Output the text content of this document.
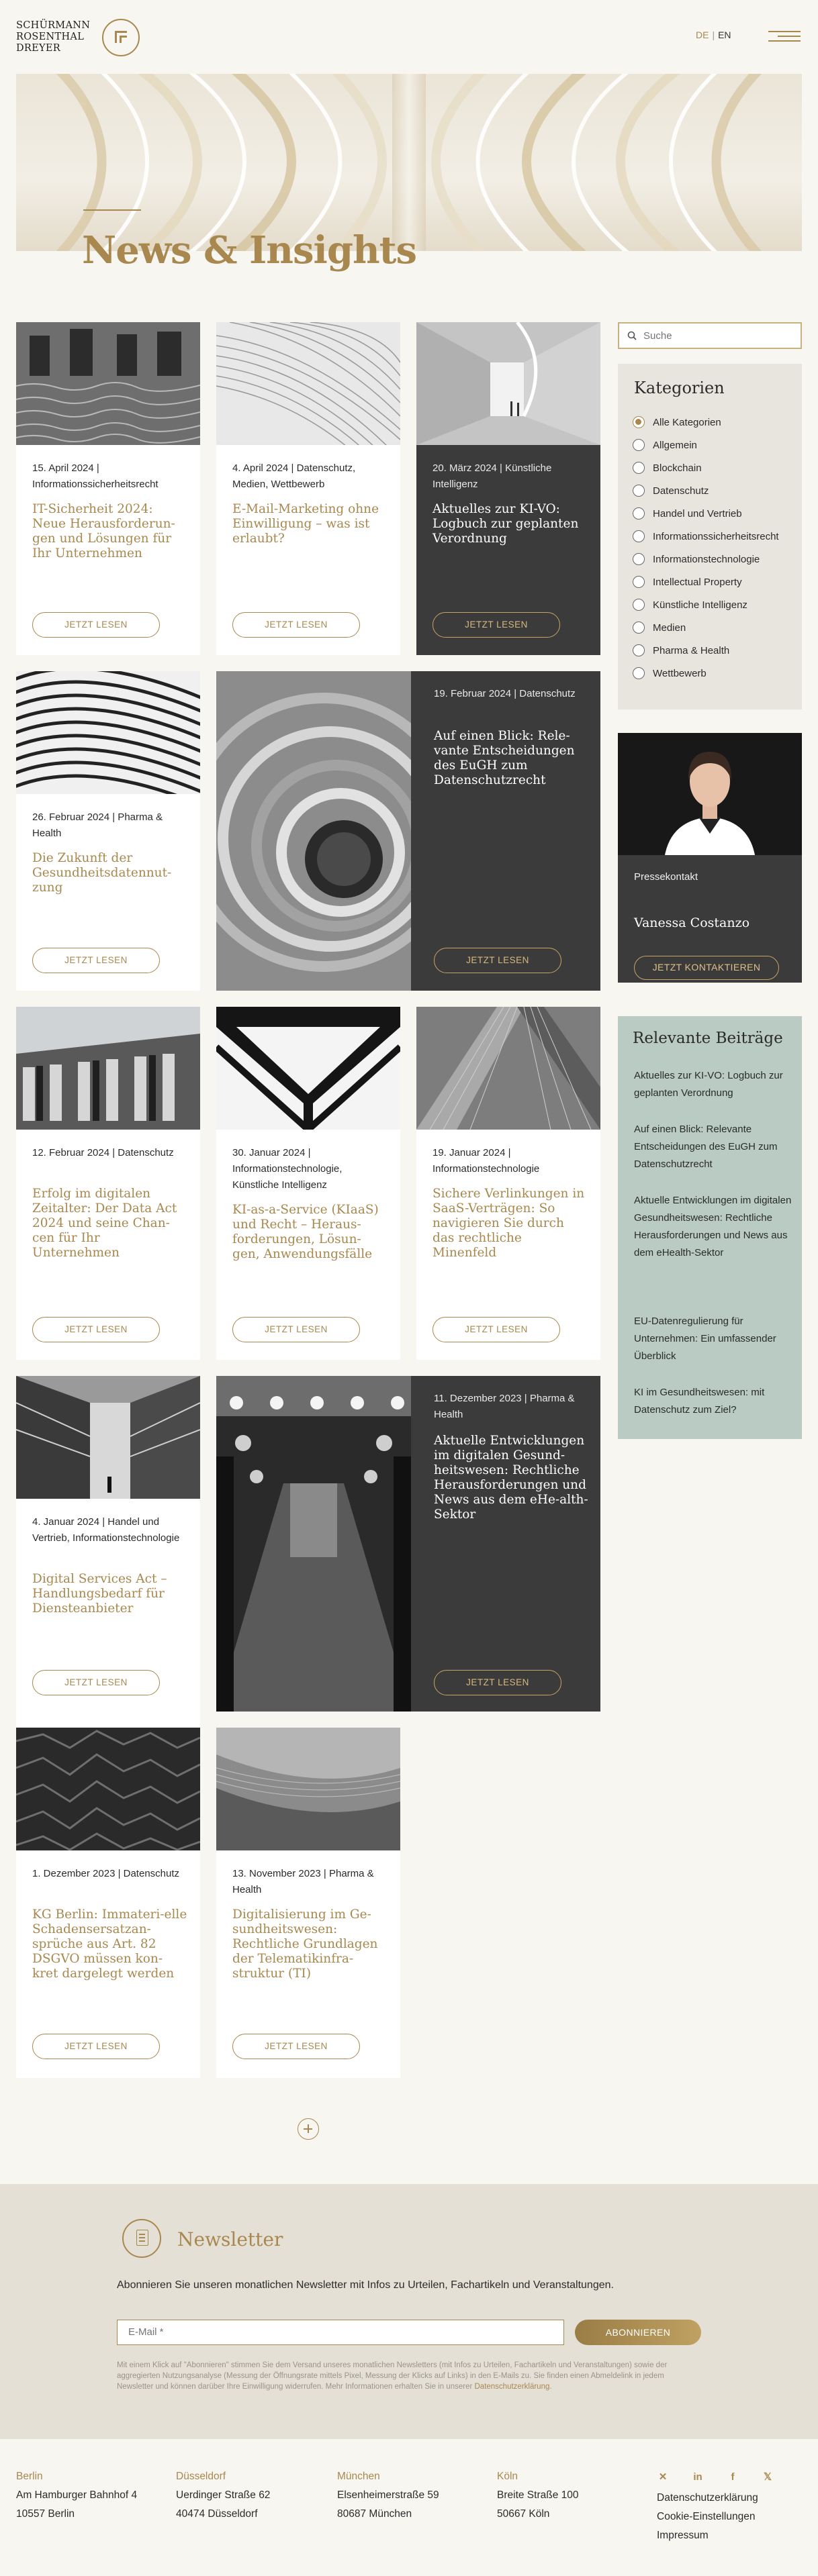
SCHÜRMANN
ROSENTHAL
DREYER
DE | EN
News & Insights
15. April 2024 | Informationssicherheitsrecht
IT-Sicherheit 2024: Neue Herausforderun-gen und Lösungen für Ihr Unternehmen
JETZT LESEN
4. April 2024 | Datenschutz, Medien, Wettbewerb
E-Mail-Marketing ohne Einwilligung – was ist erlaubt?
JETZT LESEN
20. März 2024 | Künstliche Intelligenz
Aktuelles zur KI-VO: Logbuch zur geplanten Verordnung
JETZT LESEN
26. Februar 2024 | Pharma & Health
Die Zukunft der Gesundheitsdatennut-zung
JETZT LESEN
19. Februar 2024 | Datenschutz
Auf einen Blick: Rele-vante Entscheidungen des EuGH zum Datenschutzrecht
JETZT LESEN
12. Februar 2024 | Datenschutz
Erfolg im digitalen Zeitalter: Der Data Act 2024 und seine Chan-cen für Ihr Unternehmen
JETZT LESEN
30. Januar 2024 | Informationstechnologie, Künstliche Intelligenz
KI-as-a-Service (KIaaS) und Recht – Heraus-forderungen, Lösun-gen, Anwendungsfälle
JETZT LESEN
19. Januar 2024 | Informationstechnologie
Sichere Verlinkungen in SaaS-Verträgen: So navigieren Sie durch das rechtliche Minenfeld
JETZT LESEN
4. Januar 2024 | Handel und Vertrieb, Informationstechnologie
Digital Services Act – Handlungsbedarf für Diensteanbieter
JETZT LESEN
11. Dezember 2023 | Pharma & Health
Aktuelle Entwicklungen im digitalen Gesund-heitswesen: Rechtliche Herausforderungen und News aus dem eHe-alth-Sektor
JETZT LESEN
1. Dezember 2023 | Datenschutz
KG Berlin: Immateri-elle Schadensersatzan-sprüche aus Art. 82 DSGVO müssen kon-kret dargelegt werden
JETZT LESEN
13. November 2023 | Pharma & Health
Digitalisierung im Ge-sundheitswesen: Rechtliche Grundlagen der Telematikinfra-struktur (TI)
JETZT LESEN
Suche
Kategorien
Alle Kategorien
Allgemein
Blockchain
Datenschutz
Handel und Vertrieb
Informationssicherheitsrecht
Informationstechnologie
Intellectual Property
Künstliche Intelligenz
Medien
Pharma & Health
Wettbewerb
Pressekontakt
Vanessa Costanzo
JETZT KONTAKTIEREN
Relevante Beiträge
Aktuelles zur KI-VO: Logbuch zur geplanten Verordnung
Auf einen Blick: Relevante Entscheidungen des EuGH zum Datenschutzrecht
Aktuelle Entwicklungen im digitalen Gesundheitswesen: Rechtliche Herausforderungen und News aus dem eHealth-Sektor
EU-Datenregulierung für Unternehmen: Ein umfassender Überblick
KI im Gesundheitswesen: mit Datenschutz zum Ziel?
Newsletter
Abonnieren Sie unseren monatlichen Newsletter mit Infos zu Urteilen, Fachartikeln und Veranstaltungen.
E-Mail *
ABONNIEREN
Mit einem Klick auf "Abonnieren" stimmen Sie dem Versand unseres monatlichen Newsletters (mit Infos zu Urteilen, Fachartikeln und Veranstaltungen) sowie der aggregierten Nutzungsanalyse (Messung der Öffnungsrate mittels Pixel, Messung der Klicks auf Links) in den E-Mails zu. Sie finden einen Abmeldelink in jedem Newsletter und können darüber Ihre Einwilligung widerrufen. Mehr Informationen erhalten Sie in unserer Datenschutzerklärung.
Berlin
Am Hamburger Bahnhof 4
10557 Berlin
Düsseldorf
Uerdinger Straße 62
40474 Düsseldorf
München
Elsenheimerstraße 59
80687 München
Köln
Breite Straße 100
50667 Köln
✕	in	f	𝕏
Datenschutzerklärung
Cookie-Einstellungen
Impressum
